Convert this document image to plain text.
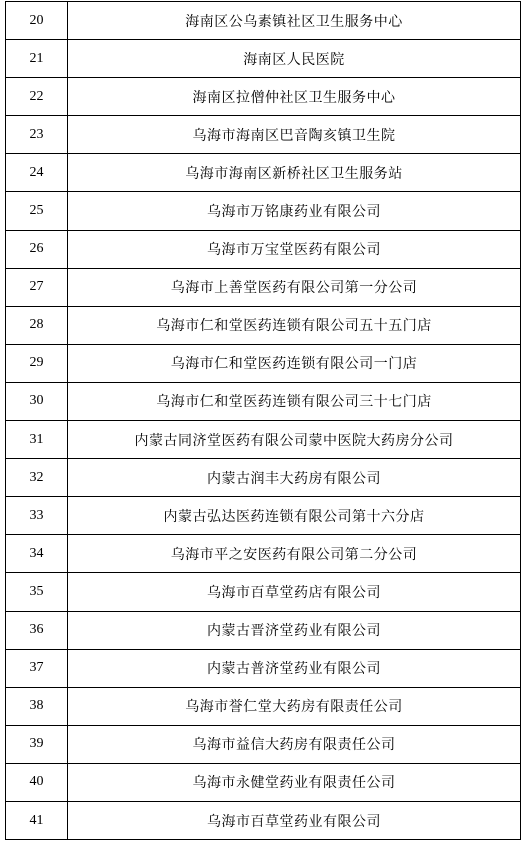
20	海南区公乌素镇社区卫生服务中心
21	海南区人民医院
22	海南区拉僧仲社区卫生服务中心
23	乌海市海南区巴音陶亥镇卫生院
24	乌海市海南区新桥社区卫生服务站
25	乌海市万铭康药业有限公司
26	乌海市万宝堂医药有限公司
27	乌海市上善堂医药有限公司第一分公司
28	乌海市仁和堂医药连锁有限公司五十五门店
29	乌海市仁和堂医药连锁有限公司一门店
30	乌海市仁和堂医药连锁有限公司三十七门店
31	内蒙古同济堂医药有限公司蒙中医院大药房分公司
32	内蒙古润丰大药房有限公司
33	内蒙古弘达医药连锁有限公司第十六分店
34	乌海市平之安医药有限公司第二分公司
35	乌海市百草堂药店有限公司
36	内蒙古晋济堂药业有限公司
37	内蒙古普济堂药业有限公司
38	乌海市誉仁堂大药房有限责任公司
39	乌海市益信大药房有限责任公司
40	乌海市永健堂药业有限责任公司
41	乌海市百草堂药业有限公司
